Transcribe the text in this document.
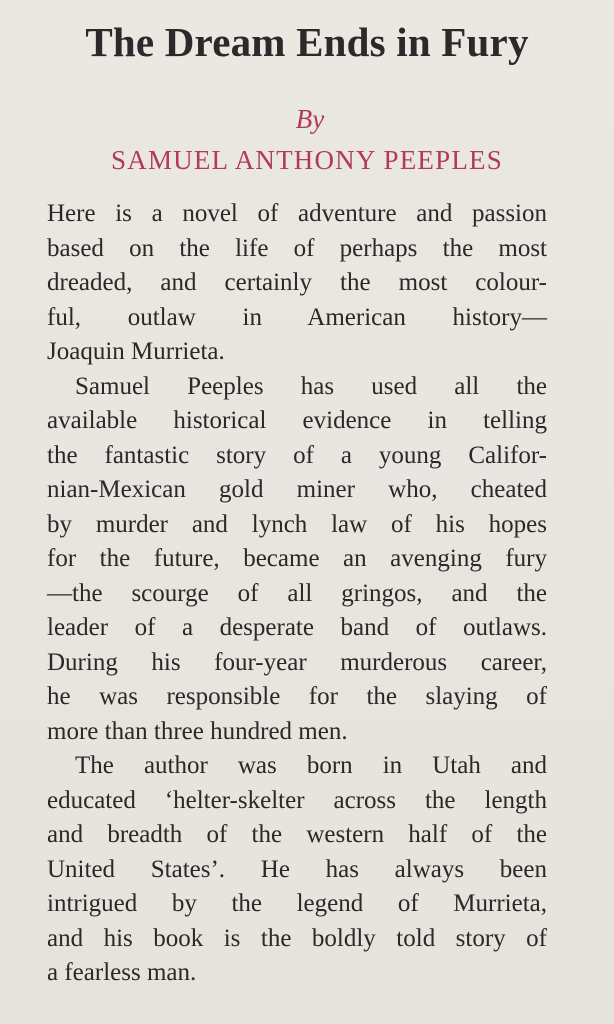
The Dream Ends in Fury
By
SAMUEL ANTHONY PEEPLES
Here is a novel of adventure and passion
based on the life of perhaps the most
dreaded, and certainly the most colour-
ful, outlaw in American history—
Joaquin Murrieta.
Samuel Peeples has used all the
available historical evidence in telling
the fantastic story of a young Califor-
nian-Mexican gold miner who, cheated
by murder and lynch law of his hopes
for the future, became an avenging fury
—the scourge of all gringos, and the
leader of a desperate band of outlaws.
During his four-year murderous career,
he was responsible for the slaying of
more than three hundred men.
The author was born in Utah and
educated ‘helter-skelter across the length
and breadth of the western half of the
United States’. He has always been
intrigued by the legend of Murrieta,
and his book is the boldly told story of
a fearless man.
